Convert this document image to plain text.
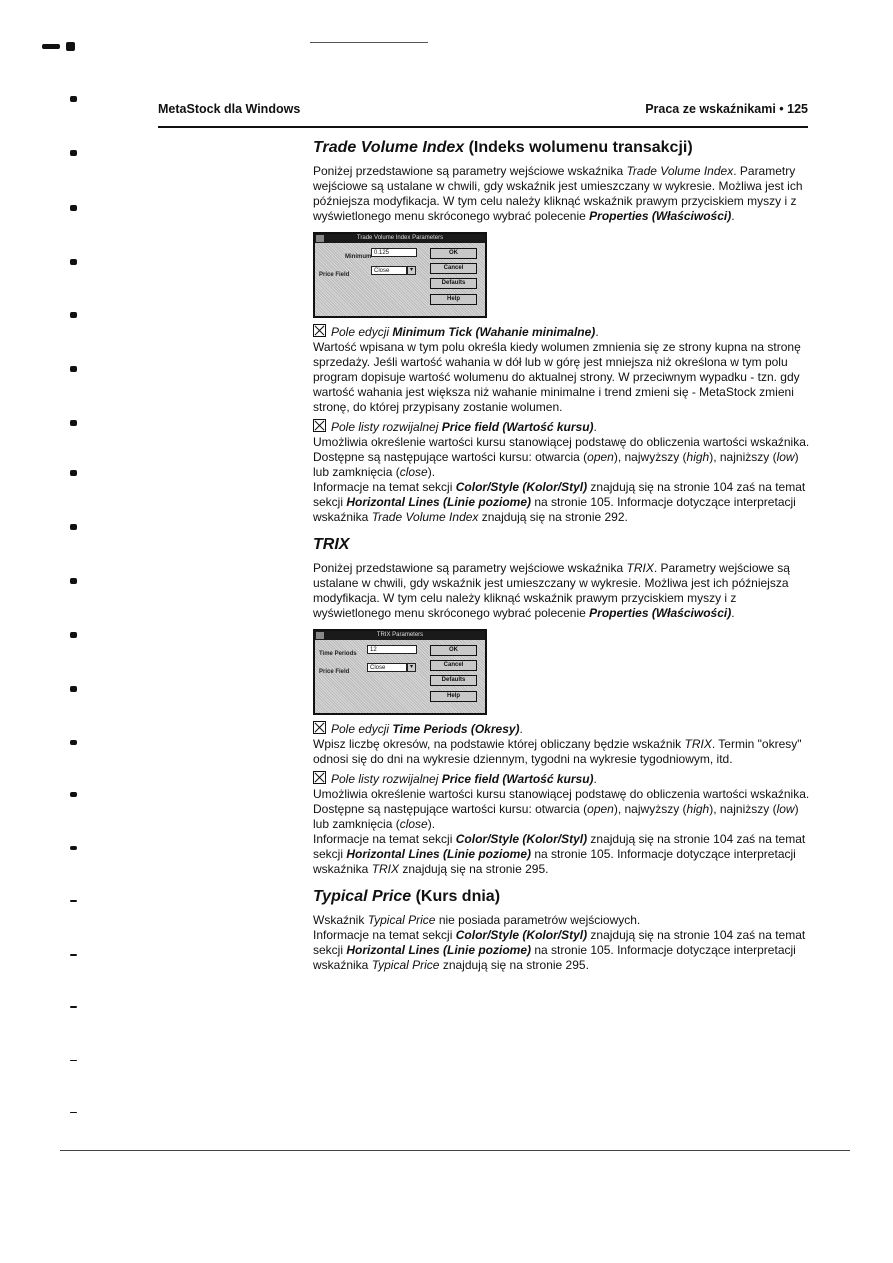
MetaStock dla Windows	Praca ze wskaźnikami • 125
Trade Volume Index (Indeks wolumenu transakcji)

Poniżej przedstawione są parametry wejściowe wskaźnika Trade Volume Index. Parametry wejściowe są ustalane w chwili, gdy wskaźnik jest umieszczany w wykresie. Możliwa jest ich późniejsza modyfikacja. W tym celu należy kliknąć wskaźnik prawym przyciskiem myszy i z wyświetlonego menu skróconego wybrać polecenie Properties (Właściwości).

Trade Volume Index Parameters
Minimum
0.125
Price Field
Close	▾
OK
Cancel
Defaults
Help
Pole edycji Minimum Tick (Wahanie minimalne).

Wartość wpisana w tym polu określa kiedy wolumen zmnienia się ze strony kupna na stronę sprzedaży. Jeśli wartość wahania w dół lub w górę jest mniejsza niż określona w tym polu program dopisuje wartość wolumenu do aktualnej strony. W przeciwnym wypadku - tzn. gdy wartość wahania jest większa niż wahanie minimalne i trend zmieni się - MetaStock zmieni stronę, do której przypisany zostanie wolumen.

Pole listy rozwijalnej Price field (Wartość kursu).

Umożliwia określenie wartości kursu stanowiącej podstawę do obliczenia wartości wskaźnika. Dostępne są następujące wartości kursu: otwarcia (open), najwyższy (high), najniższy (low) lub zamknięcia (close).

Informacje na temat sekcji Color/Style (Kolor/Styl) znajdują się na stronie 104 zaś na temat sekcji Horizontal Lines (Linie poziome) na stronie 105. Informacje dotyczące interpretacji wskaźnika Trade Volume Index znajdują się na stronie 292.

TRIX

Poniżej przedstawione są parametry wejściowe wskaźnika TRIX. Parametry wejściowe są ustalane w chwili, gdy wskaźnik jest umieszczany w wykresie. Możliwa jest ich późniejsza modyfikacja. W tym celu należy kliknąć wskaźnik prawym przyciskiem myszy i z wyświetlonego menu skróconego wybrać polecenie Properties (Właściwości).

TRIX Parameters
Time Periods
12
Price Field
Close	▾
OK
Cancel
Defaults
Help
Pole edycji Time Periods (Okresy).

Wpisz liczbę okresów, na podstawie której obliczany będzie wskaźnik TRIX. Termin "okresy" odnosi się do dni na wykresie dziennym, tygodni na wykresie tygodniowym, itd.

Pole listy rozwijalnej Price field (Wartość kursu).

Umożliwia określenie wartości kursu stanowiącej podstawę do obliczenia wartości wskaźnika. Dostępne są następujące wartości kursu: otwarcia (open), najwyższy (high), najniższy (low) lub zamknięcia (close).

Informacje na temat sekcji Color/Style (Kolor/Styl) znajdują się na stronie 104 zaś na temat sekcji Horizontal Lines (Linie poziome) na stronie 105. Informacje dotyczące interpretacji wskaźnika TRIX znajdują się na stronie 295.

Typical Price (Kurs dnia)

Wskaźnik Typical Price nie posiada parametrów wejściowych.

Informacje na temat sekcji Color/Style (Kolor/Styl) znajdują się na stronie 104 zaś na temat sekcji Horizontal Lines (Linie poziome) na stronie 105. Informacje dotyczące interpretacji wskaźnika Typical Price znajdują się na stronie 295.
